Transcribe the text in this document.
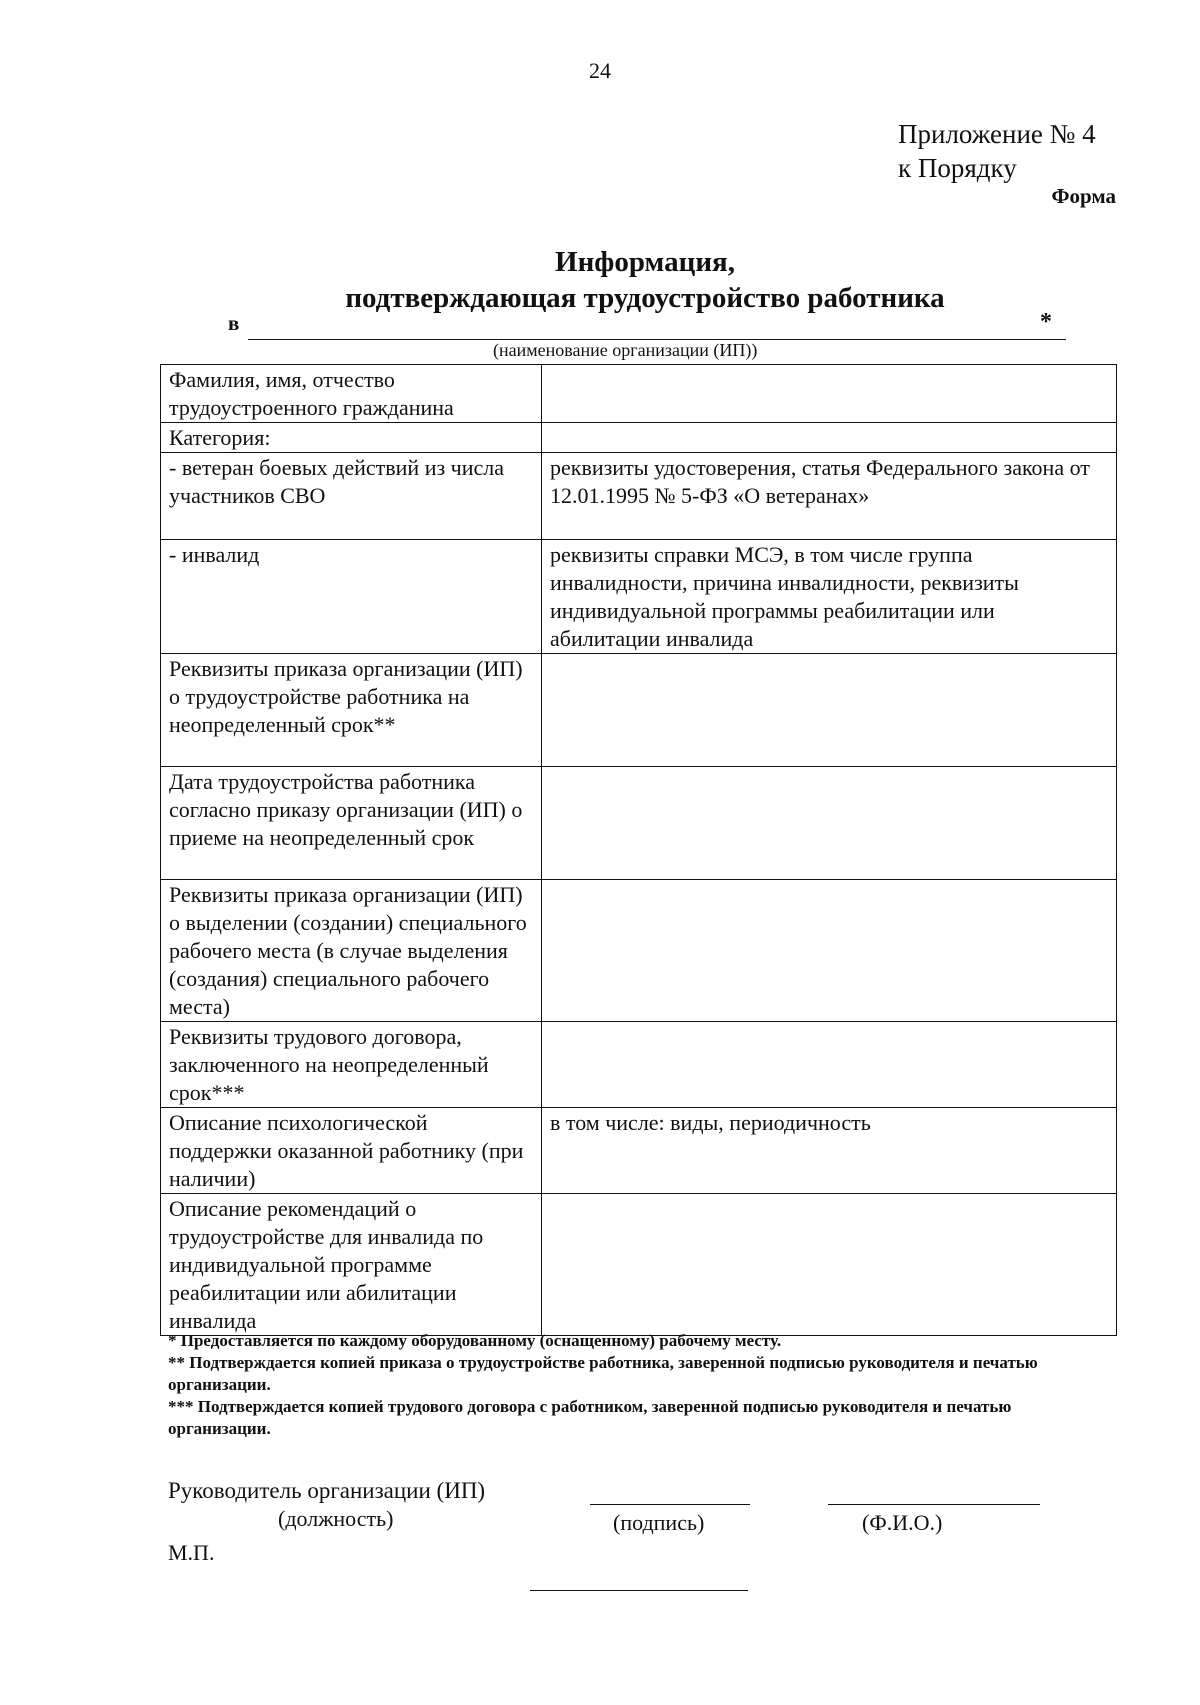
24
Приложение № 4
к Порядку
Форма
Информация,
подтверждающая трудоустройство работника
в	*
(наименование организации (ИП))
Фамилия, имя, отчество трудоустроенного гражданина	
Категория:	
- ветеран боевых действий из числа участников СВО	реквизиты удостоверения, статья Федерального закона от 12.01.1995 № 5-ФЗ «О ветеранах»
- инвалид	реквизиты справки МСЭ, в том числе группа инвалидности, причина инвалидности, реквизиты индивидуальной программы реабилитации или абилитации инвалида
Реквизиты приказа организации (ИП) о трудоустройстве работника на неопределенный срок**	
Дата трудоустройства работника согласно приказу организации (ИП) о приеме на неопределенный срок	
Реквизиты приказа организации (ИП) о выделении (создании) специального рабочего места (в случае выделения (создания) специального рабочего места)	
Реквизиты трудового договора, заключенного на неопределенный срок***	
Описание психологической поддержки оказанной работнику (при наличии)	в том числе: виды, периодичность
Описание рекомендаций о трудоустройстве для инвалида по индивидуальной программе реабилитации или абилитации инвалида	
* Предоставляется по каждому оборудованному (оснащенному) рабочему месту.
** Подтверждается копией приказа о трудоустройстве работника, заверенной подписью руководителя и печатью организации.
*** Подтверждается копией трудового договора с работником, заверенной подписью руководителя и печатью организации.
Руководитель организации (ИП)
(должность)	(подпись)	(Ф.И.О.)
М.П.
